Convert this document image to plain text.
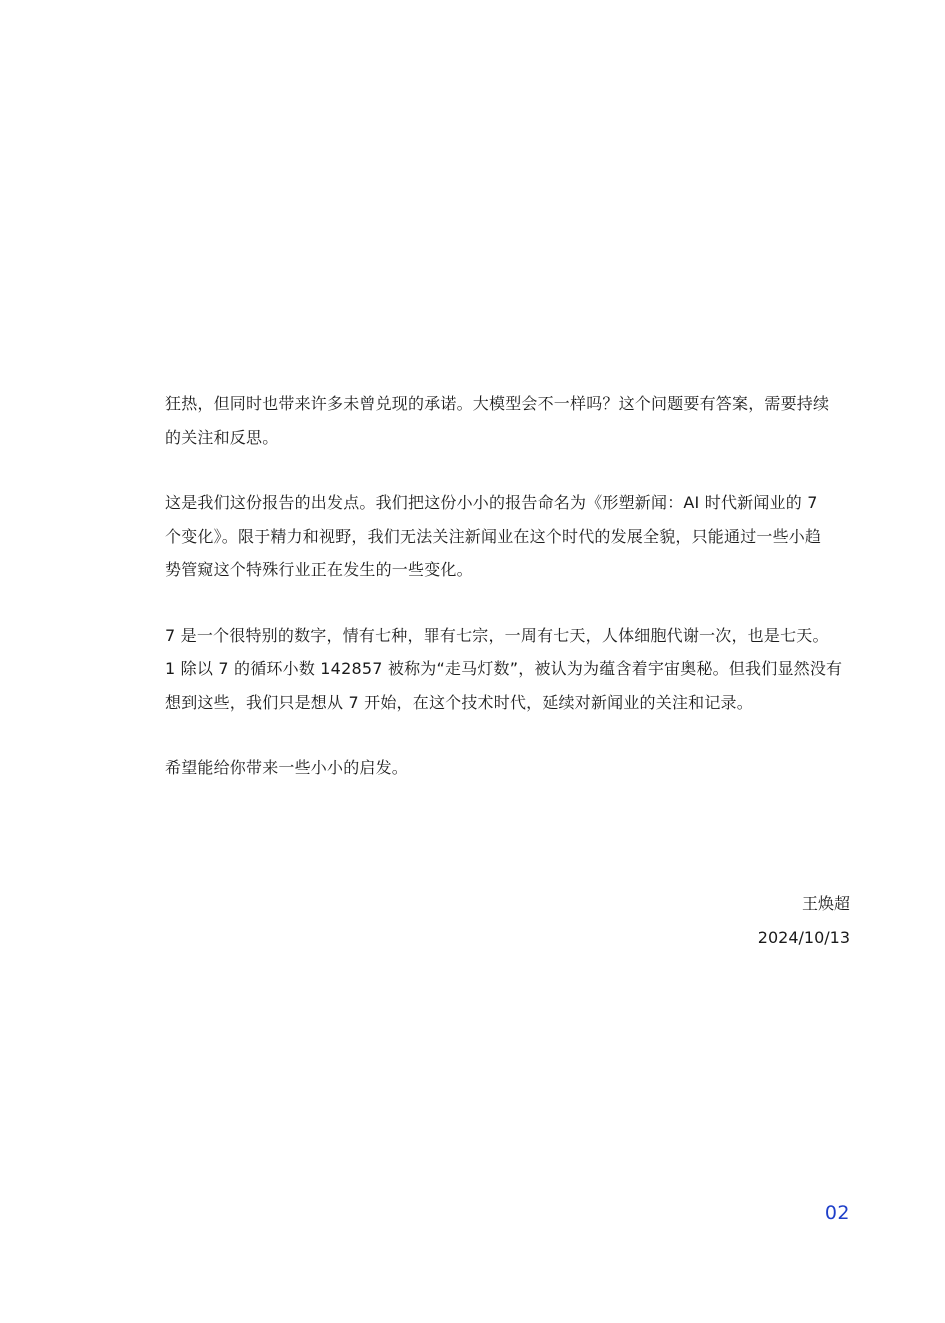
狂热，但同时也带来许多未曾兑现的承诺。大模型会不一样吗？这个问题要有答案，需要持续
的关注和反思。

这是我们这份报告的出发点。我们把这份小小的报告命名为《形塑新闻：AI 时代新闻业的 7
个变化》。限于精力和视野，我们无法关注新闻业在这个时代的发展全貌，只能通过一些小趋
势管窥这个特殊行业正在发生的一些变化。

7 是一个很特别的数字，情有七种，罪有七宗，一周有七天，人体细胞代谢一次，也是七天。
1 除以 7 的循环小数 142857 被称为“走马灯数”，被认为为蕴含着宇宙奥秘。但我们显然没有
想到这些，我们只是想从 7 开始，在这个技术时代，延续对新闻业的关注和记录。

希望能给你带来一些小小的启发。

王焕超
2024/10/13
02
